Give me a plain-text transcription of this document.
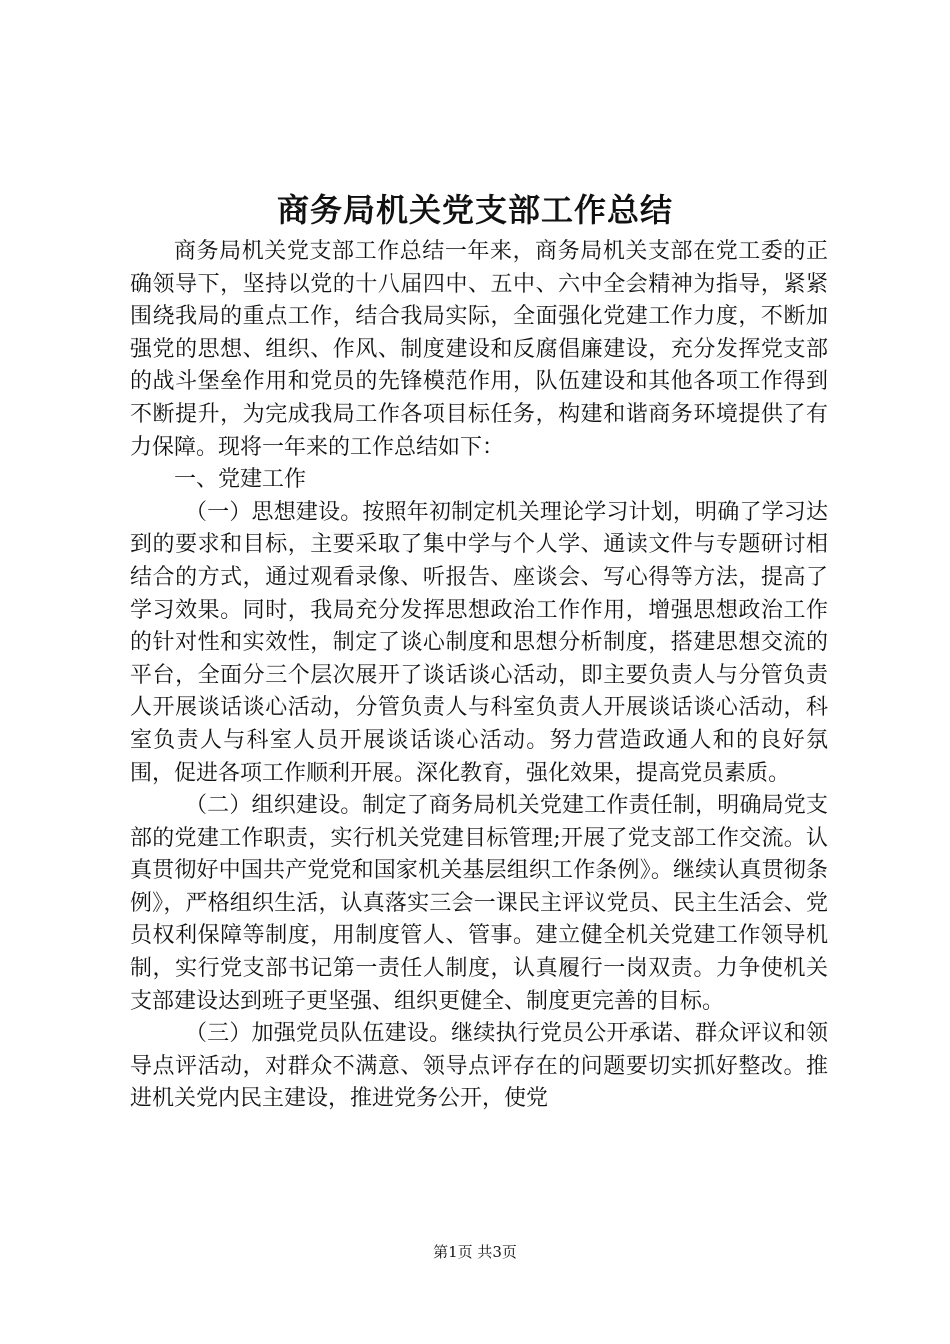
商务局机关党支部工作总结

商务局机关党支部工作总结一年来，商务局机关支部在党工委的正确领导下，坚持以党的十八届四中、五中、六中全会精神为指导，紧紧围绕我局的重点工作，结合我局实际，全面强化党建工作力度，不断加强党的思想、组织、作风、制度建设和反腐倡廉建设，充分发挥党支部的战斗堡垒作用和党员的先锋模范作用，队伍建设和其他各项工作得到不断提升，为完成我局工作各项目标任务，构建和谐商务环境提供了有力保障。现将一年来的工作总结如下：

一、党建工作

（一）思想建设。按照年初制定机关理论学习计划，明确了学习达到的要求和目标，主要采取了集中学与个人学、通读文件与专题研讨相结合的方式，通过观看录像、听报告、座谈会、写心得等方法，提高了学习效果。同时，我局充分发挥思想政治工作作用，增强思想政治工作的针对性和实效性，制定了谈心制度和思想分析制度，搭建思想交流的平台，全面分三个层次展开了谈话谈心活动，即主要负责人与分管负责人开展谈话谈心活动，分管负责人与科室负责人开展谈话谈心活动，科室负责人与科室人员开展谈话谈心活动。努力营造政通人和的良好氛围，促进各项工作顺利开展。深化教育，强化效果，提高党员素质。

（二）组织建设。制定了商务局机关党建工作责任制，明确局党支部的党建工作职责，实行机关党建目标管理;开展了党支部工作交流。认真贯彻好中国共产党党和国家机关基层组织工作条例》。继续认真贯彻条例》，严格组织生活，认真落实三会一课民主评议党员、民主生活会、党员权利保障等制度，用制度管人、管事。建立健全机关党建工作领导机制，实行党支部书记第一责任人制度，认真履行一岗双责。力争使机关支部建设达到班子更坚强、组织更健全、制度更完善的目标。

（三）加强党员队伍建设。继续执行党员公开承诺、群众评议和领导点评活动，对群众不满意、领导点评存在的问题要切实抓好整改。推进机关党内民主建设，推进党务公开，使党

第1页 共3页
